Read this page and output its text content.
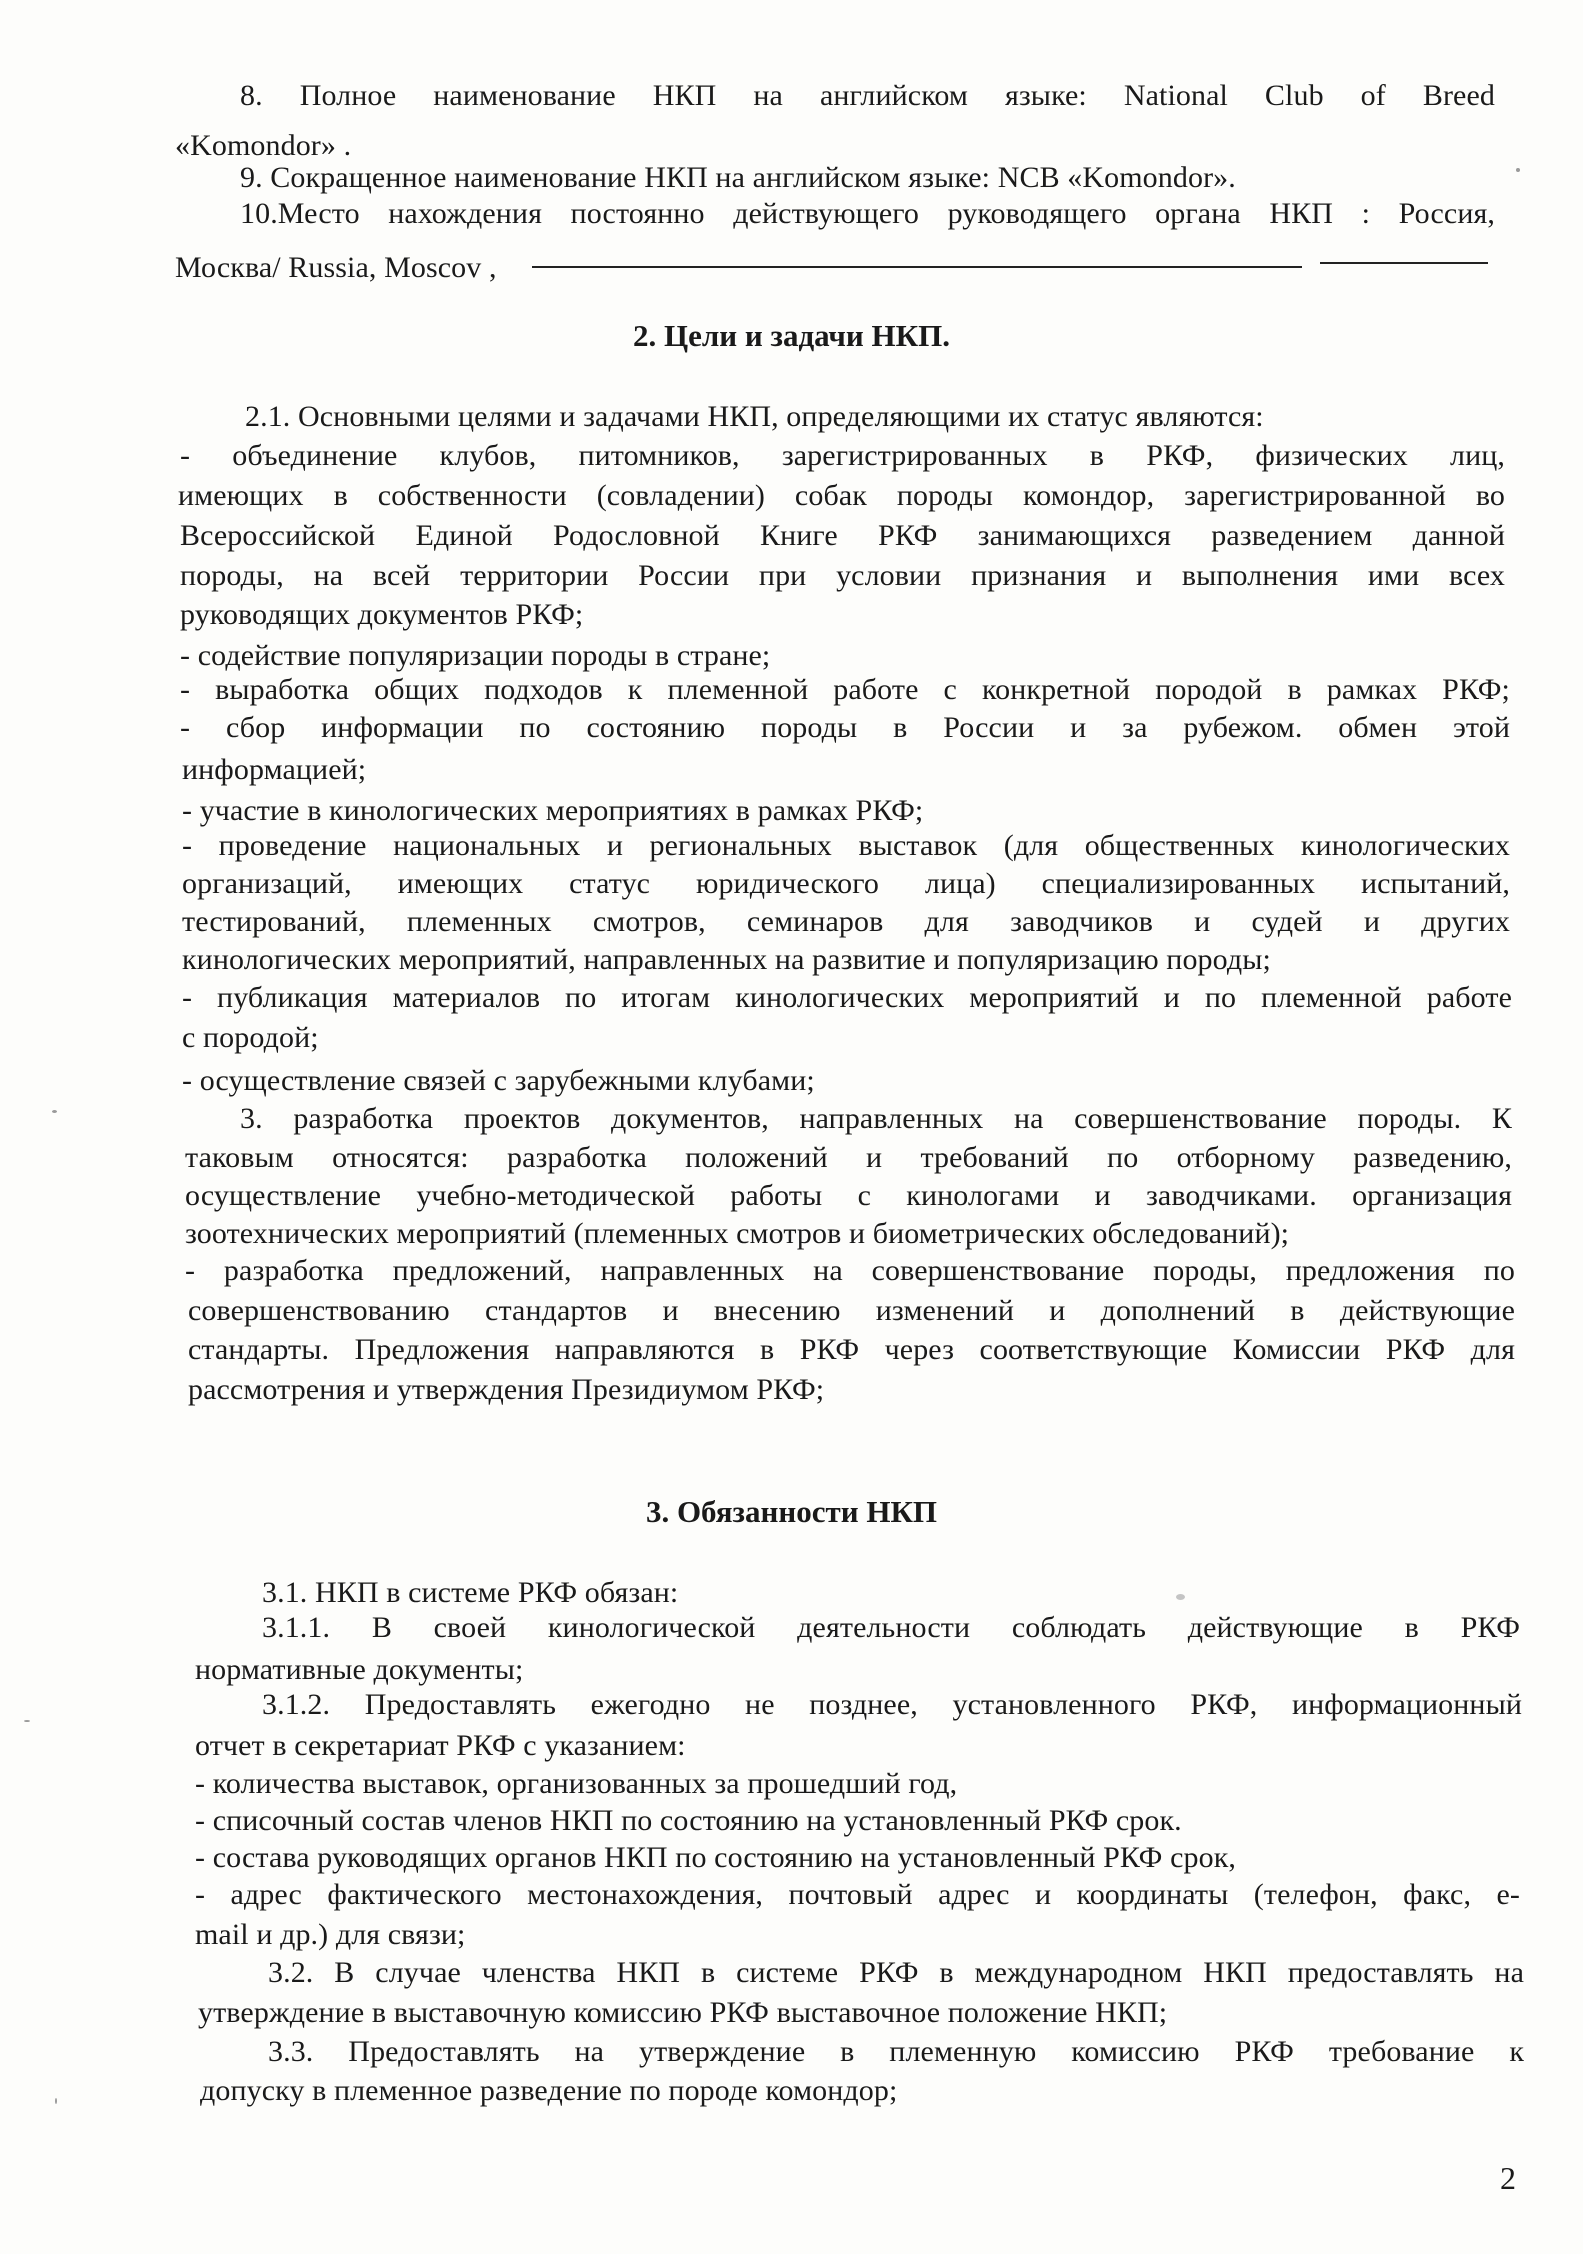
8. Полное наименование НКП на английском языке: National Club of Breed
«Komondor» .
9. Сокращенное наименование НКП на английском языке: NCB «Komondor».
10.Место нахождения постоянно действующего руководящего органа НКП : Россия,
Москва/ Russia, Moscov ,
2. Цели и задачи НКП.
2.1. Основными целями и задачами НКП, определяющими их статус являются:
- объединение клубов, питомников, зарегистрированных в РКФ, физических лиц,
имеющих в собственности (совладении) собак породы комондор, зарегистрированной во
Всероссийской Единой Родословной Книге РКФ занимающихся разведением данной
породы, на всей территории России при условии признания и выполнения ими всех
руководящих документов РКФ;
- содействие популяризации породы в стране;
- выработка общих подходов к племенной работе с конкретной породой в рамках РКФ;
- сбор информации по состоянию породы в России и за рубежом. обмен этой
информацией;
- участие в кинологических мероприятиях в рамках РКФ;
- проведение национальных и региональных выставок (для общественных кинологических
организаций, имеющих статус юридического лица) специализированных испытаний,
тестирований, племенных смотров, семинаров для заводчиков и судей и других
кинологических мероприятий, направленных на развитие и популяризацию породы;
- публикация материалов по итогам кинологических мероприятий и по племенной работе
с породой;
- осуществление связей с зарубежными клубами;
3. разработка проектов документов, направленных на совершенствование породы. К
таковым относятся: разработка положений и требований по отборному разведению,
осуществление учебно-методической работы с кинологами и заводчиками. организация
зоотехнических мероприятий (племенных смотров и биометрических обследований);
- разработка предложений, направленных на совершенствование породы, предложения по
совершенствованию стандартов и внесению изменений и дополнений в действующие
стандарты. Предложения направляются в РКФ через соответствующие Комиссии РКФ для
рассмотрения и утверждения Президиумом РКФ;
3. Обязанности НКП
3.1. НКП в системе РКФ обязан:
3.1.1. В своей кинологической деятельности соблюдать действующие в РКФ
нормативные документы;
3.1.2. Предоставлять ежегодно не позднее, установленного РКФ, информационный
отчет в секретариат РКФ с указанием:
- количества выставок, организованных за прошедший год,
- списочный состав членов НКП по состоянию на установленный РКФ срок.
- состава руководящих органов НКП по состоянию на установленный РКФ срок,
- адрес фактического местонахождения, почтовый адрес и координаты (телефон, факс, e-
mail и др.) для связи;
3.2. В случае членства НКП в системе РКФ в международном НКП предоставлять на
утверждение в выставочную комиссию РКФ выставочное положение НКП;
3.3. Предоставлять на утверждение в племенную комиссию РКФ требование к
допуску в племенное разведение по породе комондор;
2
